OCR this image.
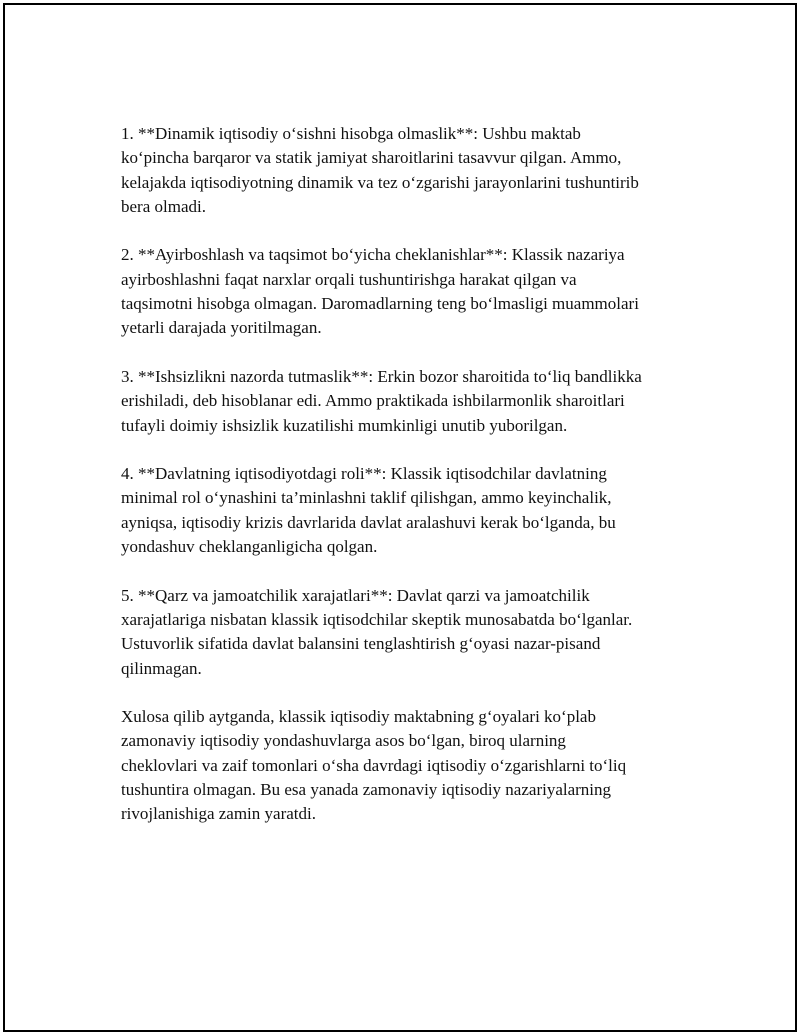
1. **Dinamik iqtisodiy o‘sishni hisobga olmaslik**: Ushbu maktab
ko‘pincha barqaror va statik jamiyat sharoitlarini tasavvur qilgan. Ammo,
kelajakda iqtisodiyotning dinamik va tez o‘zgarishi jarayonlarini tushuntirib
bera olmadi.

2. **Ayirboshlash va taqsimot bo‘yicha cheklanishlar**: Klassik nazariya
ayirboshlashni faqat narxlar orqali tushuntirishga harakat qilgan va
taqsimotni hisobga olmagan. Daromadlarning teng bo‘lmasligi muammolari
yetarli darajada yoritilmagan.

3. **Ishsizlikni nazorda tutmaslik**: Erkin bozor sharoitida to‘liq bandlikka
erishiladi, deb hisoblanar edi. Ammo praktikada ishbilarmonlik sharoitlari
tufayli doimiy ishsizlik kuzatilishi mumkinligi unutib yuborilgan.

4. **Davlatning iqtisodiyotdagi roli**: Klassik iqtisodchilar davlatning
minimal rol o‘ynashini ta’minlashni taklif qilishgan, ammo keyinchalik,
ayniqsa, iqtisodiy krizis davrlarida davlat aralashuvi kerak bo‘lganda, bu
yondashuv cheklanganligicha qolgan.

5. **Qarz va jamoatchilik xarajatlari**: Davlat qarzi va jamoatchilik
xarajatlariga nisbatan klassik iqtisodchilar skeptik munosabatda bo‘lganlar.
Ustuvorlik sifatida davlat balansini tenglashtirish g‘oyasi nazar-pisand
qilinmagan.

Xulosa qilib aytganda, klassik iqtisodiy maktabning g‘oyalari ko‘plab
zamonaviy iqtisodiy yondashuvlarga asos bo‘lgan, biroq ularning
cheklovlari va zaif tomonlari o‘sha davrdagi iqtisodiy o‘zgarishlarni to‘liq
tushuntira olmagan. Bu esa yanada zamonaviy iqtisodiy nazariyalarning
rivojlanishiga zamin yaratdi.
